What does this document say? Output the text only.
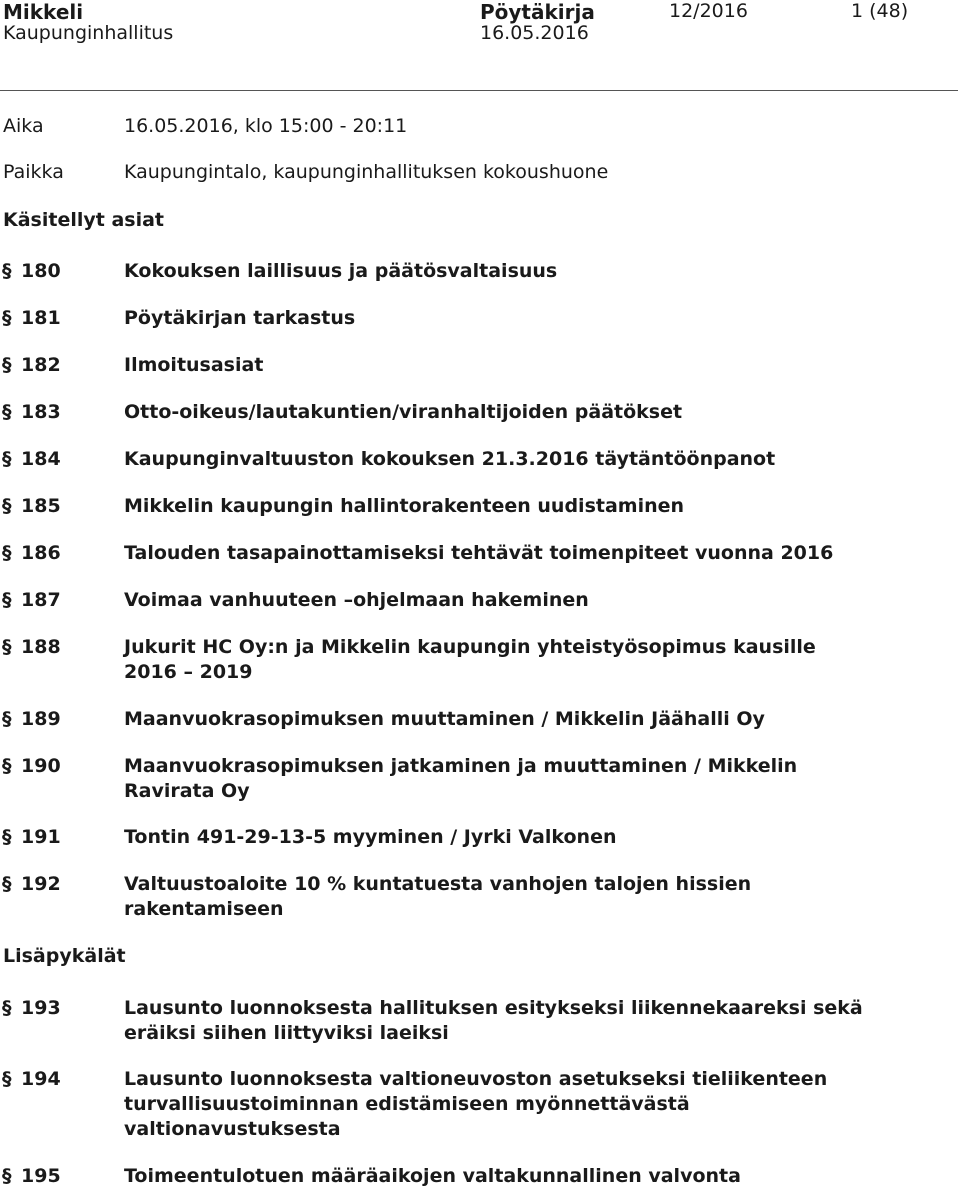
Mikkeli
Kaupunginhallitus
Pöytäkirja
16.05.2016
12/2016	1 (48)
Aika	16.05.2016, klo 15:00 - 20:11
Paikka	Kaupungintalo, kaupunginhallituksen kokoushuone
Käsitellyt asiat
§ 180	Kokouksen laillisuus ja päätösvaltaisuus
§ 181	Pöytäkirjan tarkastus
§ 182	Ilmoitusasiat
§ 183	Otto-oikeus/lautakuntien/viranhaltijoiden päätökset
§ 184	Kaupunginvaltuuston kokouksen 21.3.2016 täytäntöönpanot
§ 185	Mikkelin kaupungin hallintorakenteen uudistaminen
§ 186	Talouden tasapainottamiseksi tehtävät toimenpiteet vuonna 2016
§ 187	Voimaa vanhuuteen –ohjelmaan hakeminen
§ 188	Jukurit HC Oy:n ja Mikkelin kaupungin yhteistyösopimus kausille 2016 – 2019
§ 189	Maanvuokrasopimuksen muuttaminen / Mikkelin Jäähalli Oy
§ 190	Maanvuokrasopimuksen jatkaminen ja muuttaminen / Mikkelin Ravirata Oy
§ 191	Tontin 491-29-13-5 myyminen / Jyrki Valkonen
§ 192	Valtuustoaloite 10 % kuntatuesta vanhojen talojen hissien rakentamiseen
Lisäpykälät
§ 193	Lausunto luonnoksesta hallituksen esitykseksi liikennekaareksi sekä eräiksi siihen liittyviksi laeiksi
§ 194	Lausunto luonnoksesta valtioneuvoston asetukseksi tieliikenteen turvallisuustoiminnan edistämiseen myönnettävästä valtionavustuksesta
§ 195	Toimeentulotuen määräaikojen valtakunnallinen valvonta
